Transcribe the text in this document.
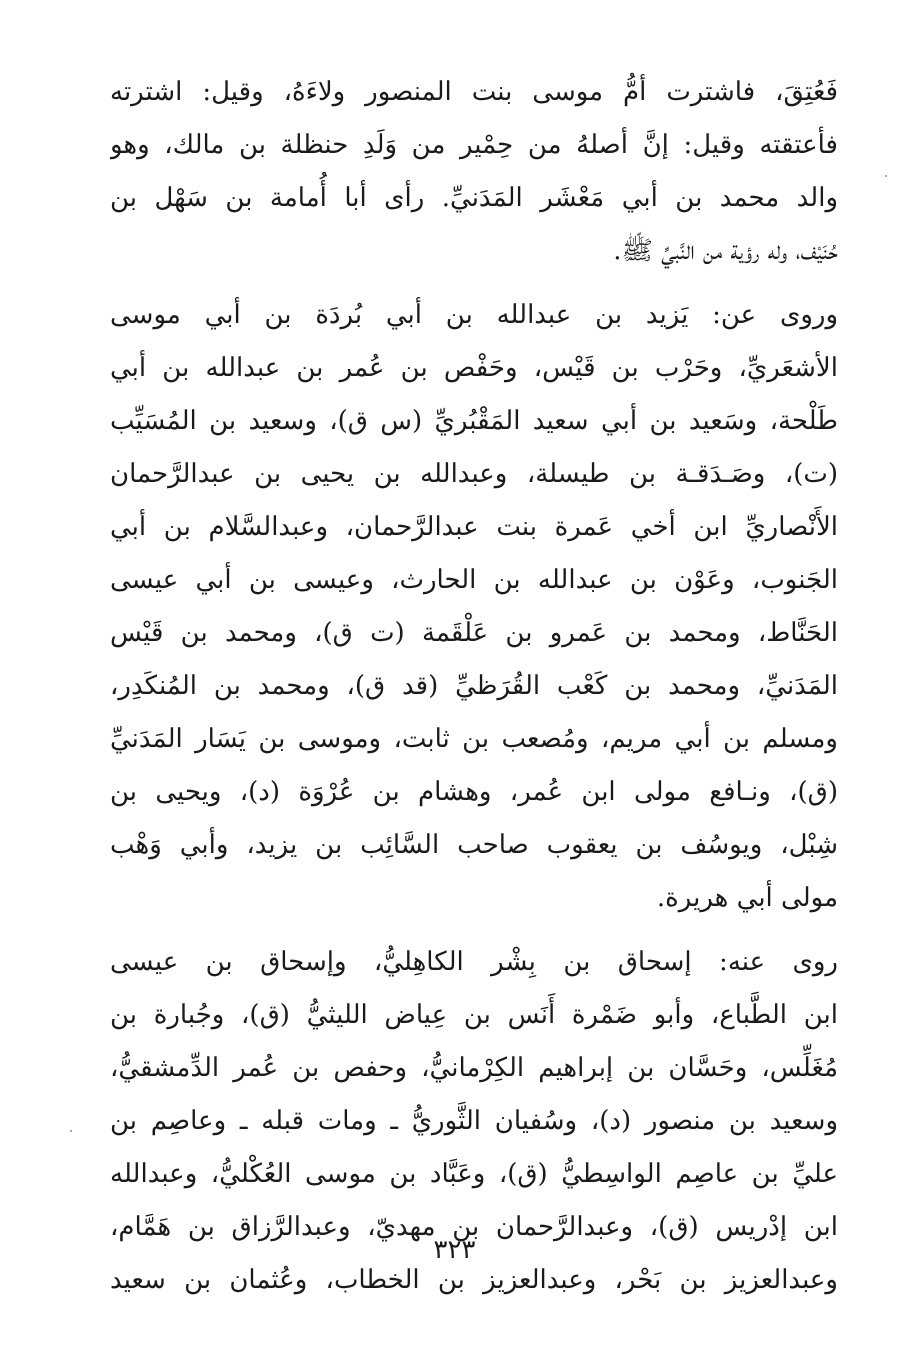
فَعُتِقَ، فاشترت أمُّ موسى بنت المنصور ولاءَهُ، وقيل: اشترته
فأعتقته وقيل: إنَّ أصلهُ من حِمْير من وَلَدِ حنظلة بن مالك، وهو
والد محمد بن أبي مَعْشَر المَدَنيِّ. رأى أبا أُمامة بن سَهْل بن
حُنَيْف، وله رؤية من النَّبيِّ ﷺ.
وروى عن: يَزيد بن عبدالله بن أبي بُردَة بن أبي موسى
الأشعَريِّ، وحَرْب بن قَيْس، وحَفْص بن عُمر بن عبدالله بن أبي
طَلْحة، وسَعيد بن أبي سعيد المَقْبُريِّ (س ق)، وسعيد بن المُسَيِّب
(ت)، وصَـدَقـة بن طيسلة، وعبدالله بن يحيى بن عبدالرَّحمان
الأَنْصاريِّ ابن أخي عَمرة بنت عبدالرَّحمان، وعبدالسَّلام بن أبي
الجَنوب، وعَوْن بن عبدالله بن الحارث، وعيسى بن أبي عيسى
الحَنَّاط، ومحمد بن عَمرو بن عَلْقَمة (ت ق)، ومحمد بن قَيْس
المَدَنيِّ، ومحمد بن كَعْب القُرَظيِّ (قد ق)، ومحمد بن المُنكَدِر،
ومسلم بن أبي مريم، ومُصعب بن ثابت، وموسى بن يَسَار المَدَنيِّ
(ق)، ونـافع مولى ابن عُمر، وهشام بن عُرْوَة (د)، ويحيى بن
شِبْل، ويوسُف بن يعقوب صاحب السَّائِب بن يزيد، وأبي وَهْب
مولى أبي هريرة.
روى عنه: إسحاق بن بِشْر الكاهِليُّ، وإسحاق بن عيسى
ابن الطَّباع، وأبو ضَمْرة أَنَس بن عِياض الليثيُّ (ق)، وجُبارة بن
مُغَلِّس، وحَسَّان بن إبراهيم الكِرْمانيُّ، وحفص بن عُمر الدِّمشقيُّ،
وسعيد بن منصور (د)، وسُفيان الثَّوريُّ ـ ومات قبله ـ وعاصِم بن
عليِّ بن عاصِم الواسِطيُّ (ق)، وعَبَّاد بن موسى العُكْليُّ، وعبدالله
ابن إدْريس (ق)، وعبدالرَّحمان بن مهديّ، وعبدالرَّزاق بن هَمَّام،
وعبدالعزيز بن بَحْر، وعبدالعزيز بن الخطاب، وعُثمان بن سعيد
٣٢٣
